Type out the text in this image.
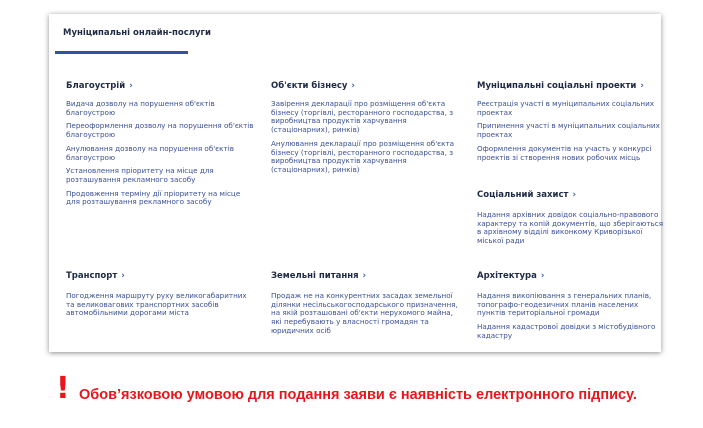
Муніципальні онлайн-послуги
Благоустрій ›
Видача дозволу на порушення об'єктів благоустрою
Переоформлення дозволу на порушення об'єктів благоустрою
Анулювання дозволу на порушення об'єктів благоустрою
Установлення пріоритету на місце для розташування рекламного засобу
Продовження терміну дії пріоритету на місце для розташування рекламного засобу
Об'єкти бізнесу ›
Завірення декларації про розміщення об'єкта бізнесу (торгівлі, ресторанного господарства, з виробництва продуктів харчування (стаціонарних), ринків)
Анулювання декларації про розміщення об'єкта бізнесу (торгівлі, ресторанного господарства, з виробництва продуктів харчування (стаціонарних), ринків)
Муніципальні соціальні проекти ›
Реєстрація участі в муніципальних соціальних проектах
Припинення участі в муніципальних соціальних проектах
Оформлення документів на участь у конкурсі проектів зі створення нових робочих місць
Соціальний захист ›
Надання архівних довідок соціально-правового характеру та копій документів, що зберігаються в архівному відділі виконкому Криворізької міської ради
Транспорт ›
Погодження маршруту руху великогабаритних та великовагових транспортних засобів автомобільними дорогами міста
Земельні питання ›
Продаж не на конкурентних засадах земельної ділянки несільськогосподарського призначення, на якій розташовані об'єкти нерухомого майна, які перебувають у власності громадян та юридичних осіб
Архітектура ›
Надання викопіювання з генеральних планів, топографо-геодезичних планів населених пунктів територіальної громади
Надання кадастрової довідки з містобудівного кадастру
! Обов’язковою умовою для подання заяви є наявність електронного підпису.
